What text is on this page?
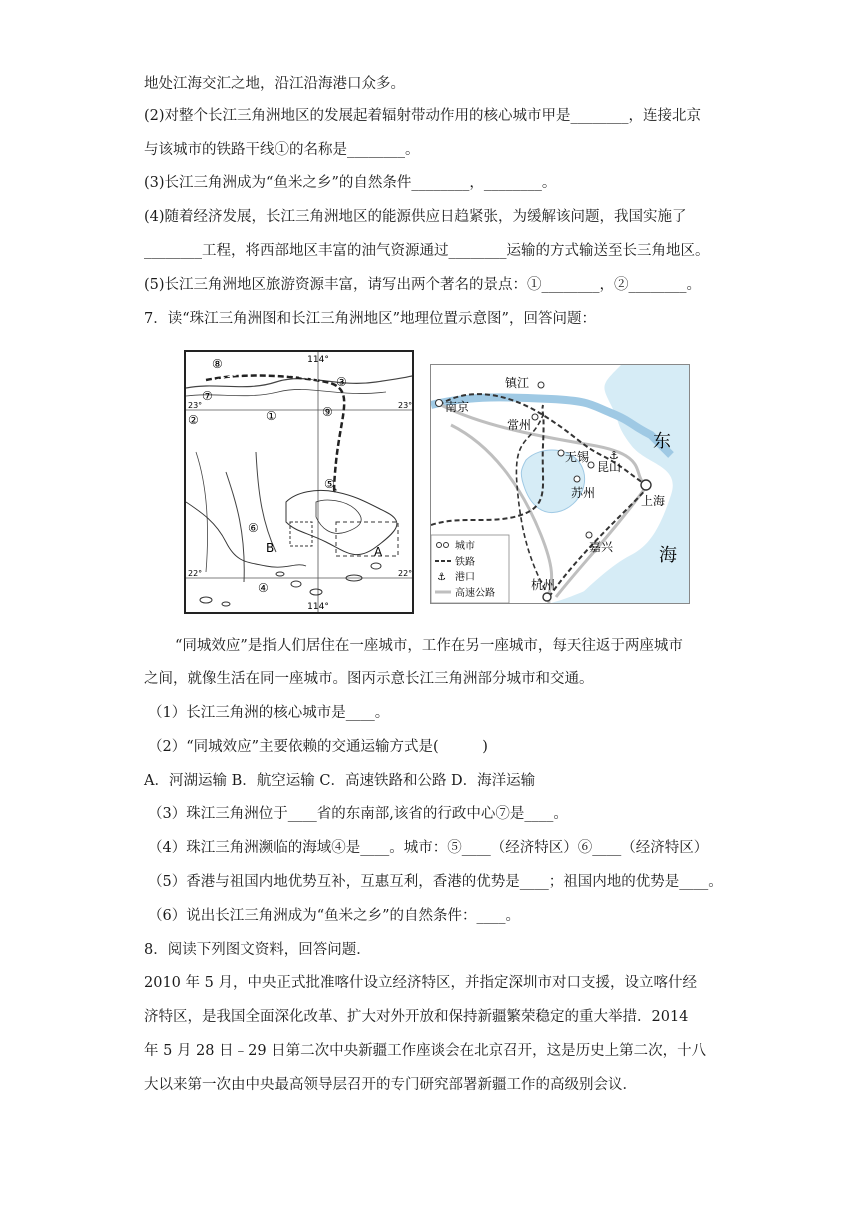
地处江海交汇之地，沿江沿海港口众多。
(2)对整个长江三角洲地区的发展起着辐射带动作用的核心城市甲是________，连接北京
与该城市的铁路干线①的名称是________。
(3)长江三角洲成为“鱼米之乡”的自然条件________，________。
(4)随着经济发展，长江三角洲地区的能源供应日趋紧张，为缓解该问题，我国实施了
________工程，将西部地区丰富的油气资源通过________运输的方式输送至长三角地区。
(5)长江三角洲地区旅游资源丰富，请写出两个著名的景点：①________，②________。
7．读“珠江三角洲图和长江三角洲地区”地理位置示意图”，回答问题：
114°
114°
23°	23°
22°	22°
⑧
⑦
③
⑨
②	①
⑤
⑥
④
A
B
⚓
镇江
南京
常州
无锡
昆山
苏州
上海
嘉兴
杭州
东
海
城市
铁路
⚓ 港口
高速公路
“同城效应”是指人们居住在一座城市，工作在另一座城市，每天往返于两座城市
之间，就像生活在同一座城市。图丙示意长江三角洲部分城市和交通。
（1）长江三角洲的核心城市是____。
（2）“同城效应”主要依赖的交通运输方式是(　　　)
A．河湖运输 B．航空运输 C．高速铁路和公路 D．海洋运输
（3）珠江三角洲位于____省的东南部,该省的行政中心⑦是____。
（4）珠江三角洲濒临的海域④是____。城市：⑤____（经济特区）⑥____（经济特区）
（5）香港与祖国内地优势互补，互惠互利，香港的优势是____；祖国内地的优势是____。
（6）说出长江三角洲成为“鱼米之乡”的自然条件：____。
8．阅读下列图文资料，回答问题．
2010 年 5 月，中央正式批准喀什设立经济特区，并指定深圳市对口支援，设立喀什经
济特区，是我国全面深化改革、扩大对外开放和保持新疆繁荣稳定的重大举措．2014
年 5 月 28 日﹣29 日第二次中央新疆工作座谈会在北京召开，这是历史上第二次，十八
大以来第一次由中央最高领导层召开的专门研究部署新疆工作的高级别会议．
